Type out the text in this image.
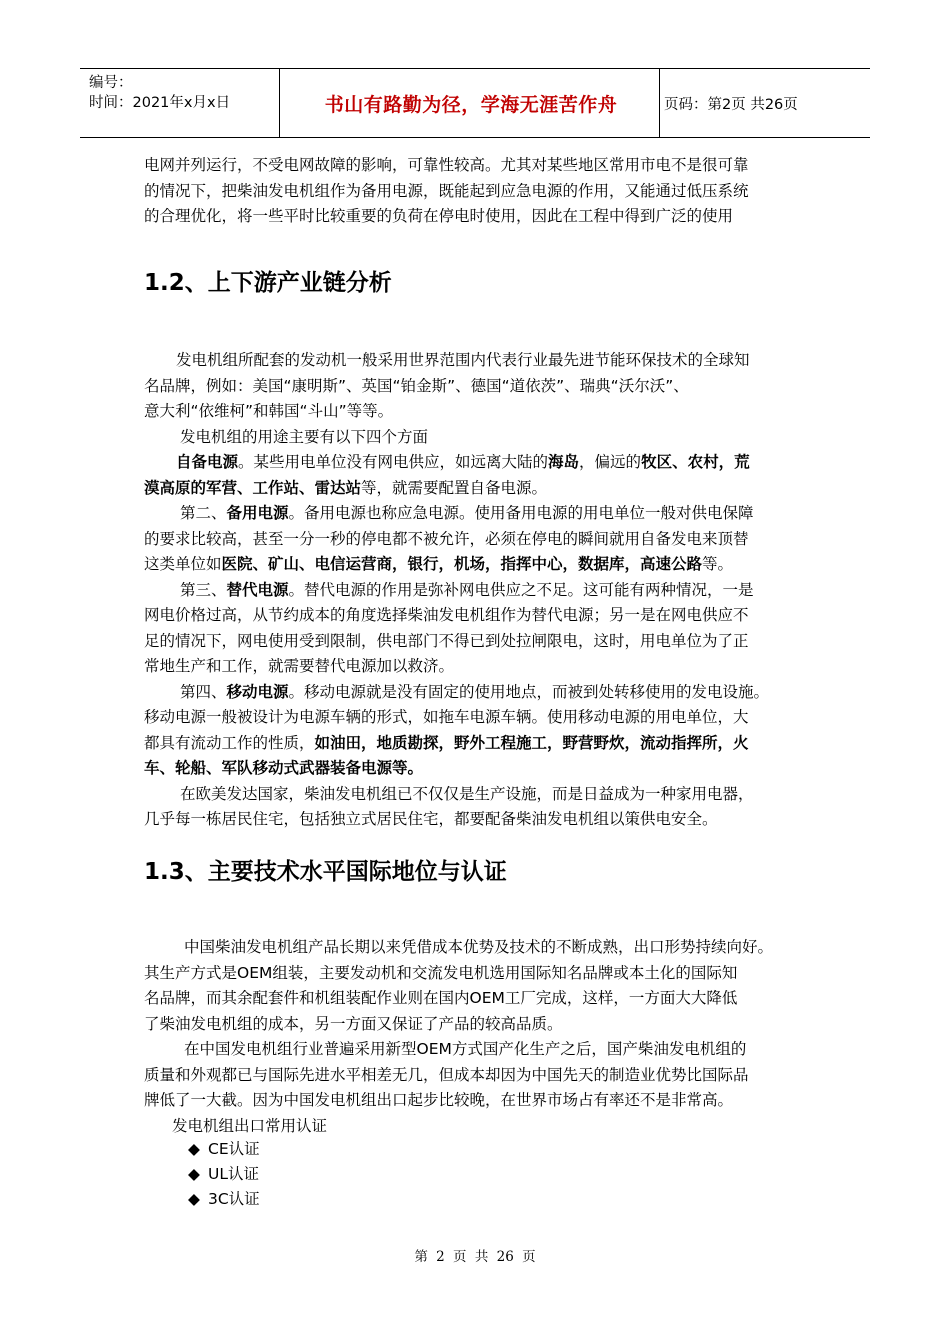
编号：
时间：2021年x月x日	书山有路勤为径，学海无涯苦作舟	页码：第2页 共26页
电网并列运行，不受电网故障的影响，可靠性较高。尤其对某些地区常用市电不是很可靠
的情况下，把柴油发电机组作为备用电源，既能起到应急电源的作用，又能通过低压系统
的合理优化，将一些平时比较重要的负荷在停电时使用，因此在工程中得到广泛的使用
1.2、上下游产业链分析
发电机组所配套的发动机一般采用世界范围内代表行业最先进节能环保技术的全球知
名品牌，例如：美国“康明斯”、英国“铂金斯”、德国“道依茨”、瑞典“沃尔沃”、
意大利“依维柯”和韩国“斗山”等等。
发电机组的用途主要有以下四个方面
自备电源。某些用电单位没有网电供应，如远离大陆的海岛，偏远的牧区、农村，荒
漠高原的军营、工作站、雷达站等，就需要配置自备电源。
第二、备用电源。备用电源也称应急电源。使用备用电源的用电单位一般对供电保障
的要求比较高，甚至一分一秒的停电都不被允许，必须在停电的瞬间就用自备发电来顶替
这类单位如医院、矿山、电信运营商，银行，机场，指挥中心，数据库，高速公路等。
第三、替代电源。替代电源的作用是弥补网电供应之不足。这可能有两种情况，一是
网电价格过高，从节约成本的角度选择柴油发电机组作为替代电源；另一是在网电供应不
足的情况下，网电使用受到限制，供电部门不得已到处拉闸限电，这时，用电单位为了正
常地生产和工作，就需要替代电源加以救济。
第四、移动电源。移动电源就是没有固定的使用地点，而被到处转移使用的发电设施。
移动电源一般被设计为电源车辆的形式，如拖车电源车辆。使用移动电源的用电单位，大
都具有流动工作的性质，如油田，地质勘探，野外工程施工，野营野炊，流动指挥所，火
车、轮船、军队移动式武器装备电源等。
在欧美发达国家，柴油发电机组已不仅仅是生产设施，而是日益成为一种家用电器，
几乎每一栋居民住宅，包括独立式居民住宅，都要配备柴油发电机组以策供电安全。
1.3、主要技术水平国际地位与认证
中国柴油发电机组产品长期以来凭借成本优势及技术的不断成熟，出口形势持续向好。
其生产方式是OEM组装，主要发动机和交流发电机选用国际知名品牌或本土化的国际知
名品牌，而其余配套件和机组装配作业则在国内OEM工厂完成，这样，一方面大大降低
了柴油发电机组的成本，另一方面又保证了产品的较高品质。
在中国发电机组行业普遍采用新型OEM方式国产化生产之后，国产柴油发电机组的
质量和外观都已与国际先进水平相差无几，但成本却因为中国先天的制造业优势比国际品
牌低了一大截。因为中国发电机组出口起步比较晚，在世界市场占有率还不是非常高。
发电机组出口常用认证
◆ CE认证
◆ UL认证
◆ 3C认证
第 2 页 共 26 页
